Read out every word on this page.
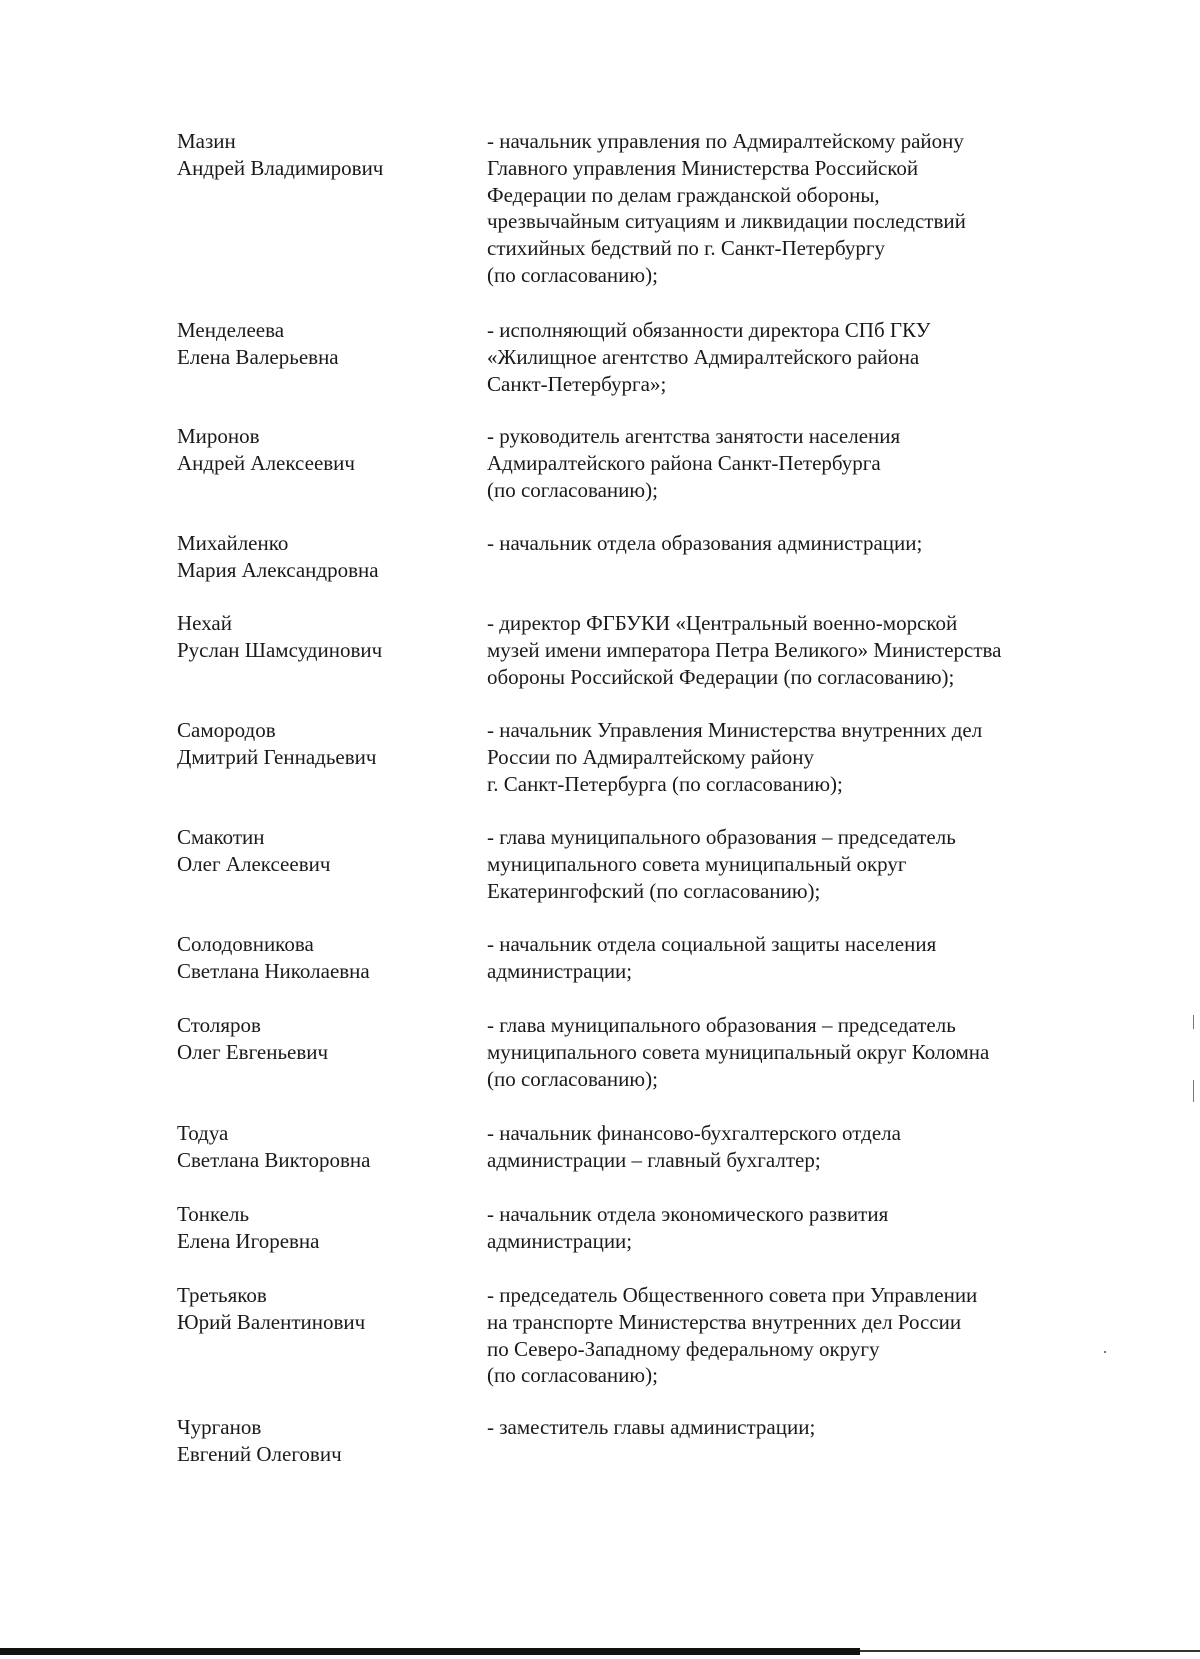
Мазин
Андрей Владимирович
- начальник управления по Адмиралтейскому району
Главного управления Министерства Российской
Федерации по делам гражданской обороны,
чрезвычайным ситуациям и ликвидации последствий
стихийных бедствий по г. Санкт-Петербургу
(по согласованию);
Менделеева
Елена Валерьевна
- исполняющий обязанности директора СПб ГКУ
«Жилищное агентство Адмиралтейского района
Санкт-Петербурга»;
Миронов
Андрей Алексеевич
- руководитель агентства занятости населения
Адмиралтейского района Санкт-Петербурга
(по согласованию);
Михайленко
Мария Александровна
- начальник отдела образования администрации;
Нехай
Руслан Шамсудинович
- директор ФГБУКИ «Центральный военно-морской
музей имени императора Петра Великого» Министерства
обороны Российской Федерации (по согласованию);
Самородов
Дмитрий Геннадьевич
- начальник Управления Министерства внутренних дел
России по Адмиралтейскому району
г. Санкт-Петербурга (по согласованию);
Смакотин
Олег Алексеевич
- глава муниципального образования – председатель
муниципального совета муниципальный округ
Екатерингофский (по согласованию);
Солодовникова
Светлана Николаевна
- начальник отдела социальной защиты населения
администрации;
Столяров
Олег Евгеньевич
- глава муниципального образования – председатель
муниципального совета муниципальный округ Коломна
(по согласованию);
Тодуа
Светлана Викторовна
- начальник финансово-бухгалтерского отдела
администрации – главный бухгалтер;
Тонкель
Елена Игоревна
- начальник отдела экономического развития
администрации;
Третьяков
Юрий Валентинович
- председатель Общественного совета при Управлении
на транспорте Министерства внутренних дел России
по Северо-Западному федеральному округу
(по согласованию);
Чурганов
Евгений Олегович
- заместитель главы администрации;
